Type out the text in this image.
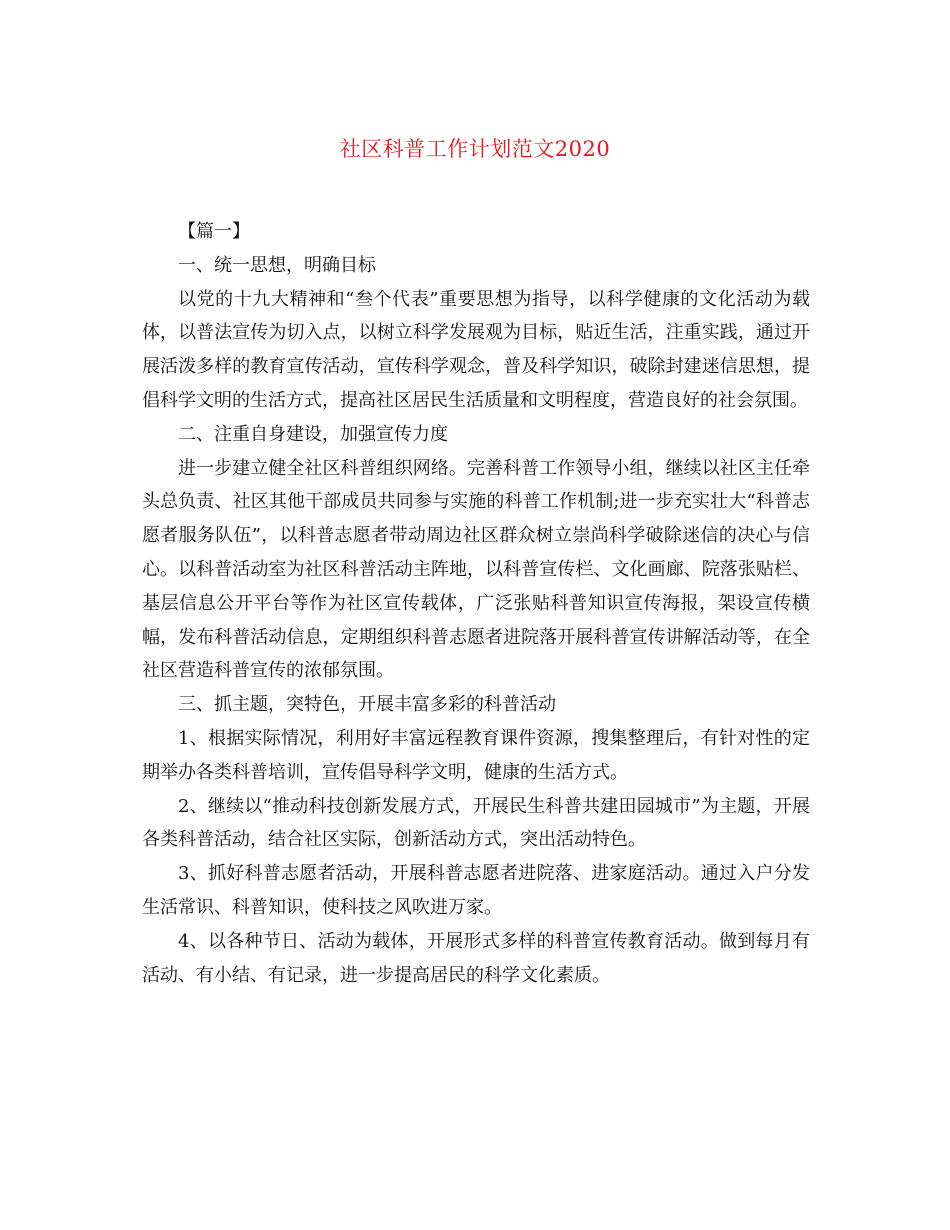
社区科普工作计划范文2020

【篇一】

一、统一思想，明确目标

以党的十九大精神和“叁个代表”重要思想为指导，以科学健康的文化活动为载体，以普法宣传为切入点，以树立科学发展观为目标，贴近生活，注重实践，通过开展活泼多样的教育宣传活动，宣传科学观念，普及科学知识，破除封建迷信思想，提倡科学文明的生活方式，提高社区居民生活质量和文明程度，营造良好的社会氛围。

二、注重自身建设，加强宣传力度

进一步建立健全社区科普组织网络。完善科普工作领导小组，继续以社区主任牵头总负责、社区其他干部成员共同参与实施的科普工作机制;进一步充实壮大“科普志愿者服务队伍”，以科普志愿者带动周边社区群众树立崇尚科学破除迷信的决心与信心。以科普活动室为社区科普活动主阵地，以科普宣传栏、文化画廊、院落张贴栏、基层信息公开平台等作为社区宣传载体，广泛张贴科普知识宣传海报，架设宣传横幅，发布科普活动信息，定期组织科普志愿者进院落开展科普宣传讲解活动等，在全社区营造科普宣传的浓郁氛围。

三、抓主题，突特色，开展丰富多彩的科普活动

1、根据实际情况，利用好丰富远程教育课件资源，搜集整理后，有针对性的定期举办各类科普培训，宣传倡导科学文明，健康的生活方式。

2、继续以“推动科技创新发展方式，开展民生科普共建田园城市”为主题，开展各类科普活动，结合社区实际，创新活动方式，突出活动特色。

3、抓好科普志愿者活动，开展科普志愿者进院落、进家庭活动。通过入户分发生活常识、科普知识，使科技之风吹进万家。

4、以各种节日、活动为载体，开展形式多样的科普宣传教育活动。做到每月有活动、有小结、有记录，进一步提高居民的科学文化素质。
